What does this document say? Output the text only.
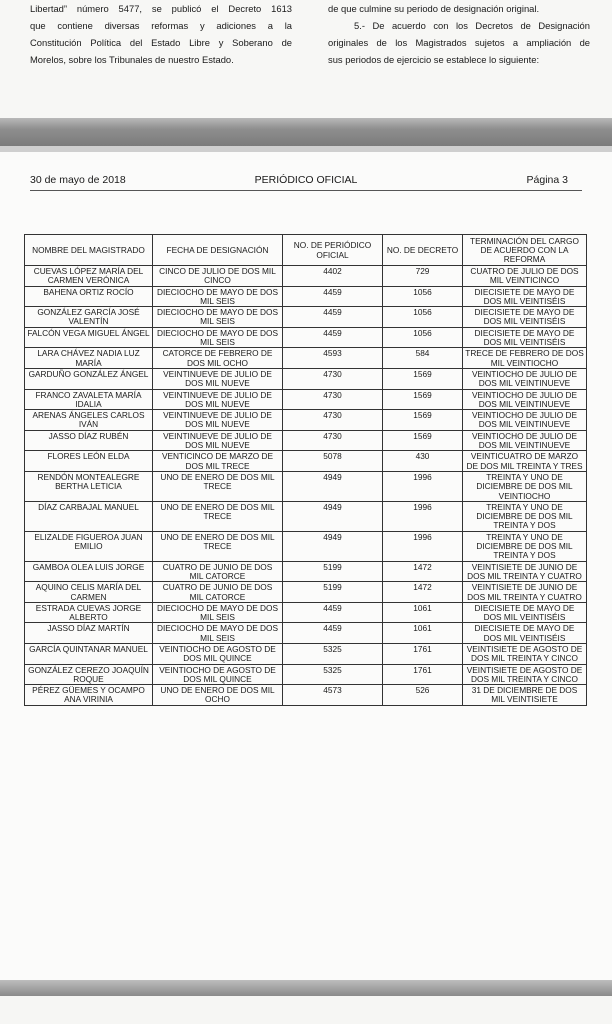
Libertad” número 5477, se publicó el Decreto 1613

que contiene diversas reformas y adiciones a la

Constitución Política del Estado Libre y Soberano de

Morelos, sobre los Tribunales de nuestro Estado.

de que culmine su periodo de designación original.

5.- De acuerdo con los Decretos de Designación

originales de los Magistrados sujetos a ampliación de

sus periodos de ejercicio se establece lo siguiente:

30 de mayo de 2018	PERIÓDICO OFICIAL	Página 3
NOMBRE DEL MAGISTRADO	FECHA DE DESIGNACIÓN	NO. DE PERIÓDICO OFICIAL	NO. DE DECRETO	TERMINACIÓN DEL CARGO DE ACUERDO CON LA REFORMA
CUEVAS LÓPEZ MARÍA DEL CARMEN VERÓNICA	CINCO DE JULIO DE DOS MIL CINCO	4402	729	CUATRO DE JULIO DE DOS MIL VEINTICINCO
BAHENA ORTIZ ROCÍO	DIECIOCHO DE MAYO DE DOS MIL SEIS	4459	1056	DIECISIETE DE MAYO DE DOS MIL VEINTISÉIS
GONZÁLEZ GARCÍA JOSÉ VALENTÍN	DIECIOCHO DE MAYO DE DOS MIL SEIS	4459	1056	DIECISIETE DE MAYO DE DOS MIL VEINTISÉIS
FALCÓN VEGA MIGUEL ÁNGEL	DIECIOCHO DE MAYO DE DOS MIL SEIS	4459	1056	DIECISIETE DE MAYO DE DOS MIL VEINTISÉIS
LARA CHÁVEZ NADIA LUZ MARÍA	CATORCE DE FEBRERO DE DOS MIL OCHO	4593	584	TRECE DE FEBRERO DE DOS MIL VEINTIOCHO
GARDUÑO GONZÁLEZ ÁNGEL	VEINTINUEVE DE JULIO DE DOS MIL NUEVE	4730	1569	VEINTIOCHO DE JULIO DE DOS MIL VEINTINUEVE
FRANCO ZAVALETA MARÍA IDALIA	VEINTINUEVE DE JULIO DE DOS MIL NUEVE	4730	1569	VEINTIOCHO DE JULIO DE DOS MIL VEINTINUEVE
ARENAS ÁNGELES CARLOS IVÁN	VEINTINUEVE DE JULIO DE DOS MIL NUEVE	4730	1569	VEINTIOCHO DE JULIO DE DOS MIL VEINTINUEVE
JASSO DÍAZ RUBÉN	VEINTINUEVE DE JULIO DE DOS MIL NUEVE	4730	1569	VEINTIOCHO DE JULIO DE DOS MIL VEINTINUEVE
FLORES LEÓN ELDA	VENTICINCO DE MARZO DE DOS MIL TRECE	5078	430	VEINTICUATRO DE MARZO DE DOS MIL TREINTA Y TRES
RENDÓN MONTEALEGRE BERTHA LETICIA	UNO DE ENERO DE DOS MIL TRECE	4949	1996	TREINTA Y UNO DE DICIEMBRE DE DOS MIL VEINTIOCHO
DÍAZ CARBAJAL MANUEL	UNO DE ENERO DE DOS MIL TRECE	4949	1996	TREINTA Y UNO DE DICIEMBRE DE DOS MIL TREINTA Y DOS
ELIZALDE FIGUEROA JUAN EMILIO	UNO DE ENERO DE DOS MIL TRECE	4949	1996	TREINTA Y UNO DE DICIEMBRE DE DOS MIL TREINTA Y DOS
GAMBOA OLEA LUIS JORGE	CUATRO DE JUNIO DE DOS MIL CATORCE	5199	1472	VEINTISIETE DE JUNIO DE DOS MIL TREINTA Y CUATRO
AQUINO CELIS MARÍA DEL CARMEN	CUATRO DE JUNIO DE DOS MIL CATORCE	5199	1472	VEINTISIETE DE JUNIO DE DOS MIL TREINTA Y CUATRO
ESTRADA CUEVAS JORGE ALBERTO	DIECIOCHO DE MAYO DE DOS MIL SEIS	4459	1061	DIECISIETE DE MAYO DE DOS MIL VEINTISÉIS
JASSO DÍAZ MARTÍN	DIECIOCHO DE MAYO DE DOS MIL SEIS	4459	1061	DIECISIETE DE MAYO DE DOS MIL VEINTISÉIS
GARCÍA QUINTANAR MANUEL	VEINTIOCHO DE AGOSTO DE DOS MIL QUINCE	5325	1761	VEINTISIETE DE AGOSTO DE DOS MIL TREINTA Y CINCO
GONZÁLEZ CEREZO JOAQUÍN ROQUE	VEINTIOCHO DE AGOSTO DE DOS MIL QUINCE	5325	1761	VEINTISIETE DE AGOSTO DE DOS MIL TREINTA Y CINCO
PÉREZ GÜEMES Y OCAMPO ANA VIRINIA	UNO DE ENERO DE DOS MIL OCHO	4573	526	31 DE DICIEMBRE DE DOS MIL VEINTISIETE
